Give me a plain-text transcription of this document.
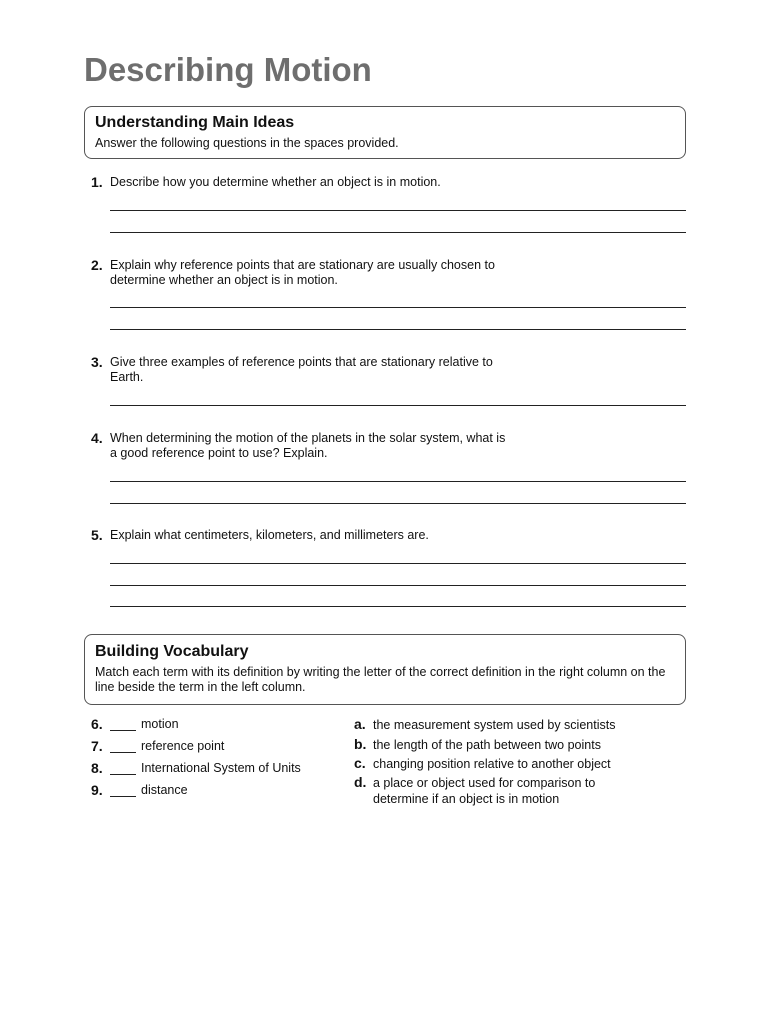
Describing Motion
Understanding Main Ideas
Answer the following questions in the spaces provided.
1. Describe how you determine whether an object is in motion.
2. Explain why reference points that are stationary are usually chosen to determine whether an object is in motion.
3. Give three examples of reference points that are stationary relative to Earth.
4. When determining the motion of the planets in the solar system, what is a good reference point to use? Explain.
5. Explain what centimeters, kilometers, and millimeters are.
Building Vocabulary
Match each term with its definition by writing the letter of the correct definition in the right column on the line beside the term in the left column.
6.	motion
7.	reference point
8.	International System of Units
9.	distance
a. the measurement system used by scientists
b. the length of the path between two points
c. changing position relative to another object
d. a place or object used for comparison to determine if an object is in motion
